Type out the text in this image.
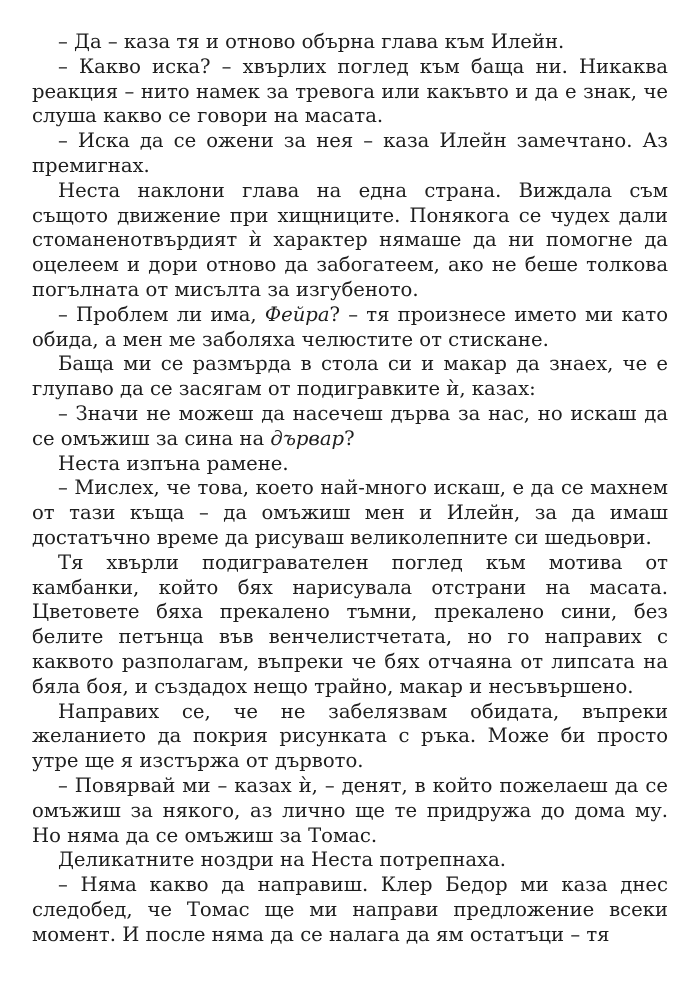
– Да – каза тя и отново обърна глава към Илейн.

– Какво иска? – хвърлих поглед към баща ни. Никаква реакция – нито намек за тревога или какъвто и да е знак, че слуша какво се говори на масата.

– Иска да се ожени за нея – каза Илейн замечтано. Аз премигнах.

Неста наклони глава на една страна. Виждала съм същото движение при хищниците. Понякога се чудех дали стоманенотвърдият ѝ характер нямаше да ни помогне да оцелеем и дори отново да забогатеем, ако не беше толкова погълната от мисълта за изгубеното.

– Проблем ли има, Фейра? – тя произнесе името ми като обида, а мен ме заболяха челюстите от стискане.

Баща ми се размърда в стола си и макар да знаех, че е глупаво да се засягам от подигравките ѝ, казах:

– Значи не можеш да насечеш дърва за нас, но искаш да се омъжиш за сина на дървар?

Неста изпъна рамене.

– Мислех, че това, което най-много искаш, е да се махнем от тази къща – да омъжиш мен и Илейн, за да имаш достатъчно време да рисуваш великолепните си шедьоври.

Тя хвърли подигравателен поглед към мотива от камбанки, който бях нарисувала отстрани на масата. Цветовете бяха прекалено тъмни, прекалено сини, без белите петънца във венчелистчетата, но го направих с каквото разполагам, въпреки че бях отчаяна от липсата на бяла боя, и създадох нещо трайно, макар и несъвършено.

Направих се, че не забелязвам обидата, въпреки желанието да покрия рисунката с ръка. Може би просто утре ще я изстържа от дървото.

– Повярвай ми – казах ѝ, – денят, в който пожелаеш да се омъжиш за някого, аз лично ще те придружа до дома му. Но няма да се омъжиш за Томас.

Деликатните ноздри на Неста потрепнаха.

– Няма какво да направиш. Клер Бедор ми каза днес следобед, че Томас ще ми направи предложение всеки момент. И после няма да се налага да ям остатъци – тя
